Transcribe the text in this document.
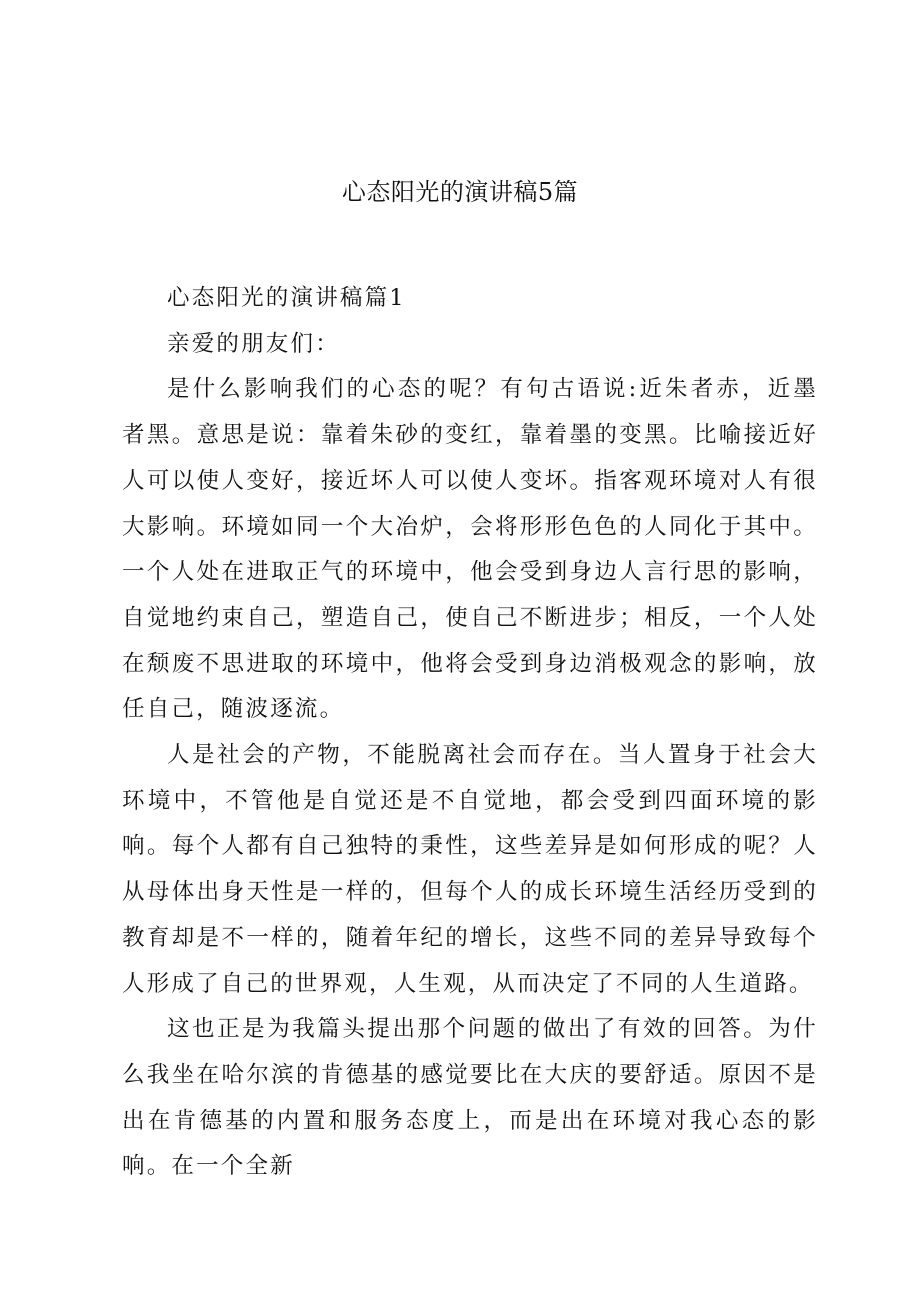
心态阳光的演讲稿5篇
心态阳光的演讲稿篇1

亲爱的朋友们：

是什么影响我们的心态的呢？有句古语说:近朱者赤，近墨者黑。意思是说：靠着朱砂的变红，靠着墨的变黑。比喻接近好人可以使人变好，接近坏人可以使人变坏。指客观环境对人有很大影响。环境如同一个大冶炉，会将形形色色的人同化于其中。一个人处在进取正气的环境中，他会受到身边人言行思的影响，自觉地约束自己，塑造自己，使自己不断进步；相反，一个人处在颓废不思进取的环境中，他将会受到身边消极观念的影响，放任自己，随波逐流。

人是社会的产物，不能脱离社会而存在。当人置身于社会大环境中，不管他是自觉还是不自觉地，都会受到四面环境的影响。每个人都有自己独特的秉性，这些差异是如何形成的呢？人从母体出身天性是一样的，但每个人的成长环境生活经历受到的教育却是不一样的，随着年纪的增长，这些不同的差异导致每个人形成了自己的世界观，人生观，从而决定了不同的人生道路。

这也正是为我篇头提出那个问题的做出了有效的回答。为什么我坐在哈尔滨的肯德基的感觉要比在大庆的要舒适。原因不是出在肯德基的内置和服务态度上，而是出在环境对我心态的影响。在一个全新
